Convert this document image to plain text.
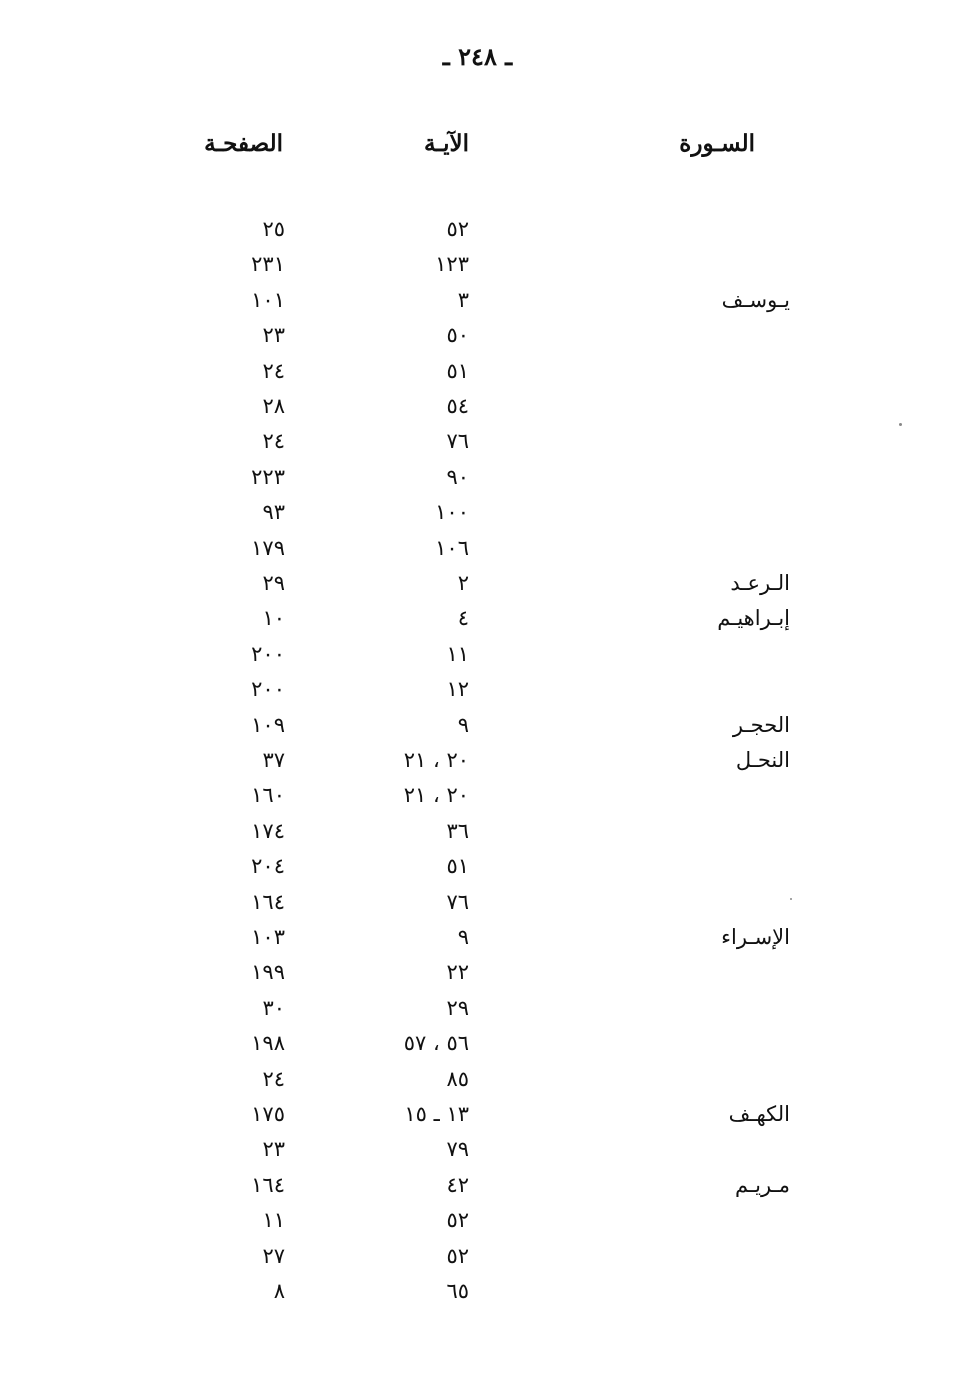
ـ ٢٤٨ ـ
السـورة
الآيـة
الصفحـة
٥٢
٢٥
١٢٣
٢٣١
يـوسـف
٣
١٠١
٥٠
٢٣
٥١
٢٤
٥٤
٢٨
٧٦
٢٤
٩٠
٢٢٣
١٠٠
٩٣
١٠٦
١٧٩
الـرعـد
٢
٢٩
إبـراهيـم
٤
١٠
١١
٢٠٠
١٢
٢٠٠
الحجـر
٩
١٠٩
النحـل
٢٠ ، ٢١
٣٧
٢٠ ، ٢١
١٦٠
٣٦
١٧٤
٥١
٢٠٤
٧٦
١٦٤
الإسـراء
٩
١٠٣
٢٢
١٩٩
٢٩
٣٠
٥٦ ، ٥٧
١٩٨
٨٥
٢٤
الكهـف
١٣ ـ ١٥
١٧٥
٧٩
٢٣
مـريـم
٤٢
١٦٤
٥٢
١١
٥٢
٢٧
٦٥
٨
